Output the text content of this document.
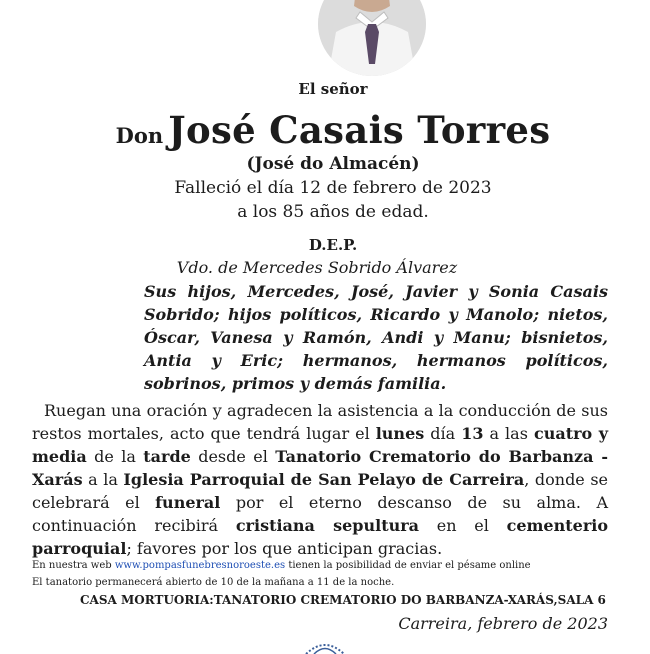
El señor
Don José Casais Torres
(José do Almacén)
Falleció el día 12 de febrero de 2023
a los 85 años de edad.
D.E.P.
Vdo. de Mercedes Sobrido Álvarez
Sus hijos, Mercedes, José, Javier y Sonia Casais Sobrido; hijos políticos, Ricardo y Manolo; nietos, Óscar, Vanesa y Ramón, Andi y Manu; bisnietos, Antia y Eric; hermanos, hermanos políticos, sobrinos, primos y demás familia.
Ruegan una oración y agradecen la asistencia a la conducción de sus restos mortales, acto que tendrá lugar el lunes día 13 a las cuatro y media de la tarde desde el Tanatorio Crematorio do Barbanza - Xarás a la Iglesia Parroquial de San Pelayo de Carreira, donde se celebrará el funeral por el eterno descanso de su alma. A continuación recibirá cristiana sepultura en el cementerio parroquial; favores por los que anticipan gracias.
En nuestra web www.pompasfunebresnoroeste.es tienen la posibilidad de enviar el pésame online
El tanatorio permanecerá abierto de 10 de la mañana a 11 de la noche.
CASA MORTUORIA:TANATORIO CREMATORIO DO BARBANZA-XARÁS,SALA 6
Carreira, febrero de 2023
